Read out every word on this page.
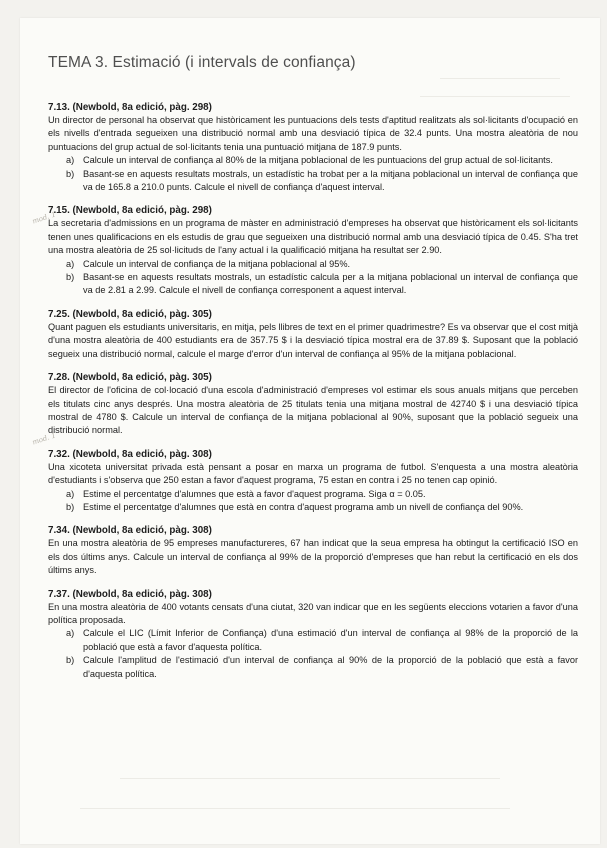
mod. 1
mod. 1
TEMA 3. Estimació (i intervals de confiança)

7.13. (Newbold, 8a edició, pàg. 298)

Un director de personal ha observat que històricament les puntuacions dels tests d'aptitud realitzats als sol·licitants d'ocupació en els nivells d'entrada segueixen una distribució normal amb una desviació típica de 32.4 punts. Una mostra aleatòria de nou puntuacions del grup actual de sol·licitants tenia una puntuació mitjana de 187.9 punts.

a) Calcule un interval de confiança al 80% de la mitjana poblacional de les puntuacions del grup actual de sol·licitants.
b) Basant-se en aquests resultats mostrals, un estadístic ha trobat per a la mitjana poblacional un interval de confiança que va de 165.8 a 210.0 punts. Calcule el nivell de confiança d'aquest interval.

7.15. (Newbold, 8a edició, pàg. 298)

La secretaria d'admissions en un programa de màster en administració d'empreses ha observat que històricament els sol·licitants tenen unes qualificacions en els estudis de grau que segueixen una distribució normal amb una desviació típica de 0.45. S'ha tret una mostra aleatòria de 25 sol·licituds de l'any actual i la qualificació mitjana ha resultat ser 2.90.

a) Calcule un interval de confiança de la mitjana poblacional al 95%.
b) Basant-se en aquests resultats mostrals, un estadístic calcula per a la mitjana poblacional un interval de confiança que va de 2.81 a 2.99. Calcule el nivell de confiança corresponent a aquest interval.

7.25. (Newbold, 8a edició, pàg. 305)

Quant paguen els estudiants universitaris, en mitja, pels llibres de text en el primer quadrimestre? Es va observar que el cost mitjà d'una mostra aleatòria de 400 estudiants era de 357.75 $ i la desviació típica mostral era de 37.89 $. Suposant que la població segueix una distribució normal, calcule el marge d'error d'un interval de confiança al 95% de la mitjana poblacional.

7.28. (Newbold, 8a edició, pàg. 305)

El director de l'oficina de col·locació d'una escola d'administració d'empreses vol estimar els sous anuals mitjans que perceben els titulats cinc anys després. Una mostra aleatòria de 25 titulats tenia una mitjana mostral de 42740 $ i una desviació típica mostral de 4780 $. Calcule un interval de confiança de la mitjana poblacional al 90%, suposant que la població segueix una distribució normal.

7.32. (Newbold, 8a edició, pàg. 308)

Una xicoteta universitat privada està pensant a posar en marxa un programa de futbol. S'enquesta a una mostra aleatòria d'estudiants i s'observa que 250 estan a favor d'aquest programa, 75 estan en contra i 25 no tenen cap opinió.

a) Estime el percentatge d'alumnes que està a favor d'aquest programa. Siga α = 0.05.
b) Estime el percentatge d'alumnes que està en contra d'aquest programa amb un nivell de confiança del 90%.

7.34. (Newbold, 8a edició, pàg. 308)

En una mostra aleatòria de 95 empreses manufactureres, 67 han indicat que la seua empresa ha obtingut la certificació ISO en els dos últims anys. Calcule un interval de confiança al 99% de la proporció d'empreses que han rebut la certificació en els dos últims anys.

7.37. (Newbold, 8a edició, pàg. 308)

En una mostra aleatòria de 400 votants censats d'una ciutat, 320 van indicar que en les següents eleccions votarien a favor d'una política proposada.

a) Calcule el LIC (Límit Inferior de Confiança) d'una estimació d'un interval de confiança al 98% de la proporció de la població que està a favor d'aquesta política.
b) Calcule l'amplitud de l'estimació d'un interval de confiança al 90% de la proporció de la població que està a favor d'aquesta política.
